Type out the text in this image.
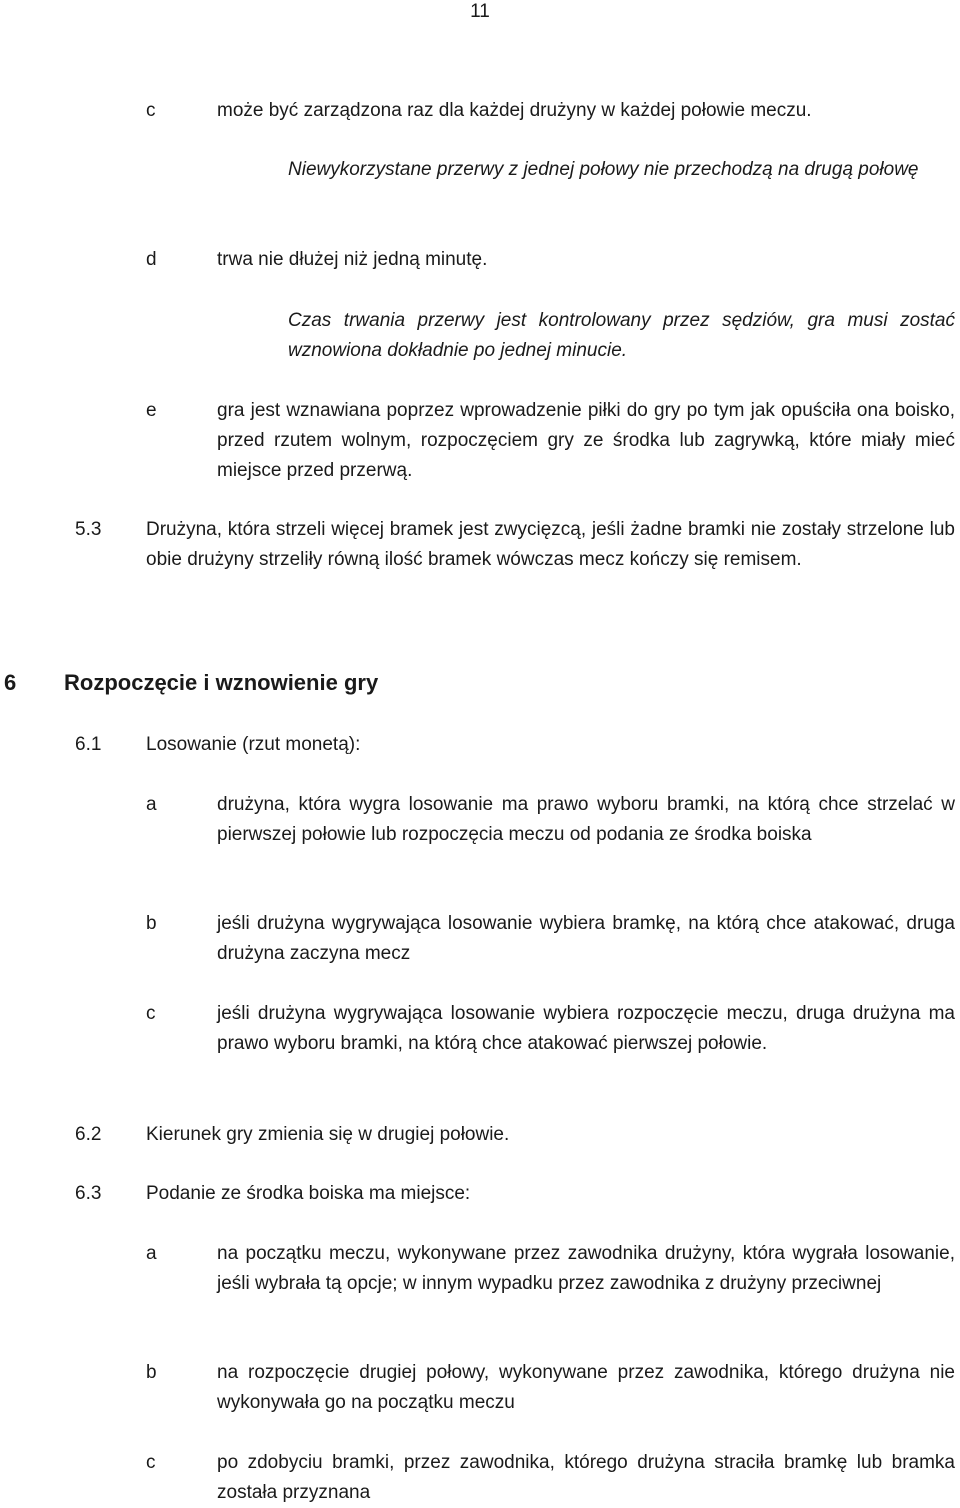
11
c	może być zarządzona raz dla każdej drużyny w każdej połowie meczu.
Niewykorzystane przerwy z jednej połowy nie przechodzą na drugą połowę
d	trwa nie dłużej niż jedną minutę.
Czas trwania przerwy jest kontrolowany przez sędziów, gra musi zostać wznowiona dokładnie po jednej minucie.
e	gra jest wznawiana poprzez wprowadzenie piłki do gry po tym jak opuściła ona boisko, przed rzutem wolnym, rozpoczęciem gry ze środka lub zagrywką, które miały mieć miejsce przed przerwą.
5.3 Drużyna, która strzeli więcej bramek jest zwycięzcą, jeśli żadne bramki nie zostały strzelone lub obie drużyny strzeliły równą ilość bramek wówczas mecz kończy się remisem.
6 Rozpoczęcie i wznowienie gry
6.1 Losowanie (rzut monetą):
a	drużyna, która wygra losowanie ma prawo wyboru bramki, na którą chce strzelać w pierwszej połowie lub rozpoczęcia meczu od podania ze środka boiska
b	jeśli drużyna wygrywająca losowanie wybiera bramkę, na którą chce atakować, druga drużyna zaczyna mecz
c	jeśli drużyna wygrywająca losowanie wybiera rozpoczęcie meczu, druga drużyna ma prawo wyboru bramki, na którą chce atakować pierwszej połowie.
6.2 Kierunek gry zmienia się w drugiej połowie.
6.3 Podanie ze środka boiska ma miejsce:
a	na początku meczu, wykonywane przez zawodnika drużyny, która wygrała losowanie, jeśli wybrała tą opcje; w innym wypadku przez zawodnika z drużyny przeciwnej
b	na rozpoczęcie drugiej połowy, wykonywane przez zawodnika, którego drużyna nie wykonywała go na początku meczu
c	po zdobyciu bramki, przez zawodnika, którego drużyna straciła bramkę lub bramka została przyznana
